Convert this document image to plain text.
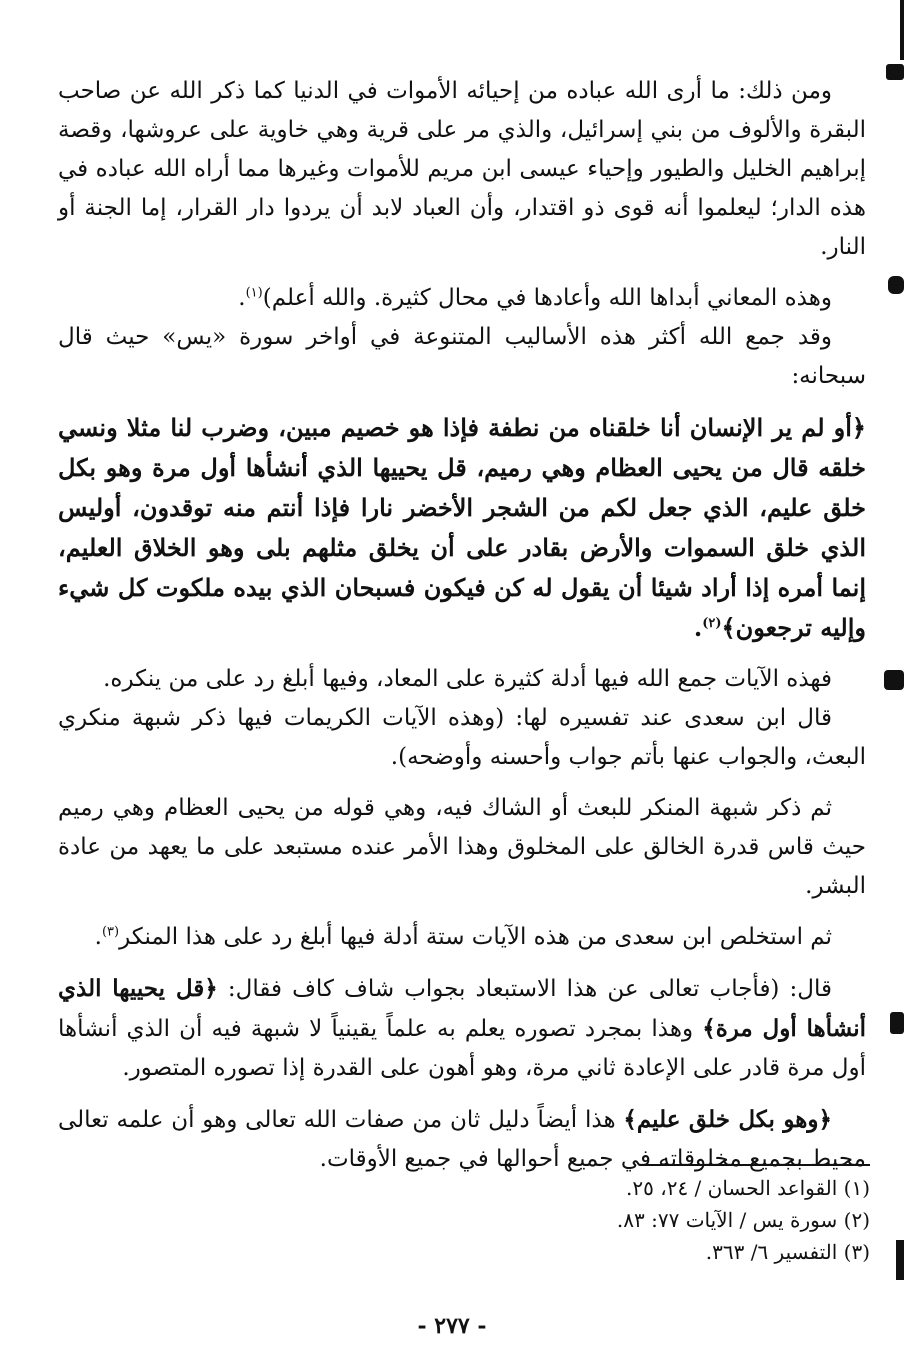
ومن ذلك: ما أرى الله عباده من إحيائه الأموات في الدنيا كما ذكر الله عن صاحب البقرة والألوف من بني إسرائيل، والذي مر على قرية وهي خاوية على عروشها، وقصة إبراهيم الخليل والطيور وإحياء عيسى ابن مريم للأموات وغيرها مما أراه الله عباده في هذه الدار؛ ليعلموا أنه قوى ذو اقتدار، وأن العباد لابد أن يردوا دار القرار، إما الجنة أو النار.

وهذه المعاني أبداها الله وأعادها في محال كثيرة. والله أعلم)$^{(١)}$.

وقد جمع الله أكثر هذه الأساليب المتنوعة في أواخر سورة «يس» حيث قال سبحانه:

﴿أو لم ير الإنسان أنا خلقناه من نطفة فإذا هو خصيم مبين، وضرب لنا مثلا ونسي خلقه قال من يحيى العظام وهي رميم، قل يحييها الذي أنشأها أول مرة وهو بكل خلق عليم، الذي جعل لكم من الشجر الأخضر نارا فإذا أنتم منه توقدون، أوليس الذي خلق السموات والأرض بقادر على أن يخلق مثلهم بلى وهو الخلاق العليم، إنما أمره إذا أراد شيئا أن يقول له كن فيكون فسبحان الذي بيده ملكوت كل شيء وإليه ترجعون﴾$^{(٢)}$.

فهذه الآيات جمع الله فيها أدلة كثيرة على المعاد، وفيها أبلغ رد على من ينكره.

قال ابن سعدى عند تفسيره لها: (وهذه الآيات الكريمات فيها ذكر شبهة منكري البعث، والجواب عنها بأتم جواب وأحسنه وأوضحه).

ثم ذكر شبهة المنكر للبعث أو الشاك فيه، وهي قوله من يحيى العظام وهي رميم حيث قاس قدرة الخالق على المخلوق وهذا الأمر عنده مستبعد على ما يعهد من عادة البشر.

ثم استخلص ابن سعدى من هذه الآيات ستة أدلة فيها أبلغ رد على هذا المنكر$^{(٣)}$.

قال: (فأجاب تعالى عن هذا الاستبعاد بجواب شاف كاف فقال: ﴿قل يحييها الذي أنشأها أول مرة﴾ وهذا بمجرد تصوره يعلم به علماً يقينياً لا شبهة فيه أن الذي أنشأها أول مرة قادر على الإعادة ثاني مرة، وهو أهون على القدرة إذا تصوره المتصور.

﴿وهو بكل خلق عليم﴾ هذا أيضاً دليل ثان من صفات الله تعالى وهو أن علمه تعالى محيط بجميع مخلوقاته في جميع أحوالها في جميع الأوقات.

(١) القواعد الحسان / ٢٤، ٢٥.

(٢) سورة يس / الآيات ٧٧: ٨٣.

(٣) التفسير ٦/ ٣٦٣.

- ٢٧٧ -
